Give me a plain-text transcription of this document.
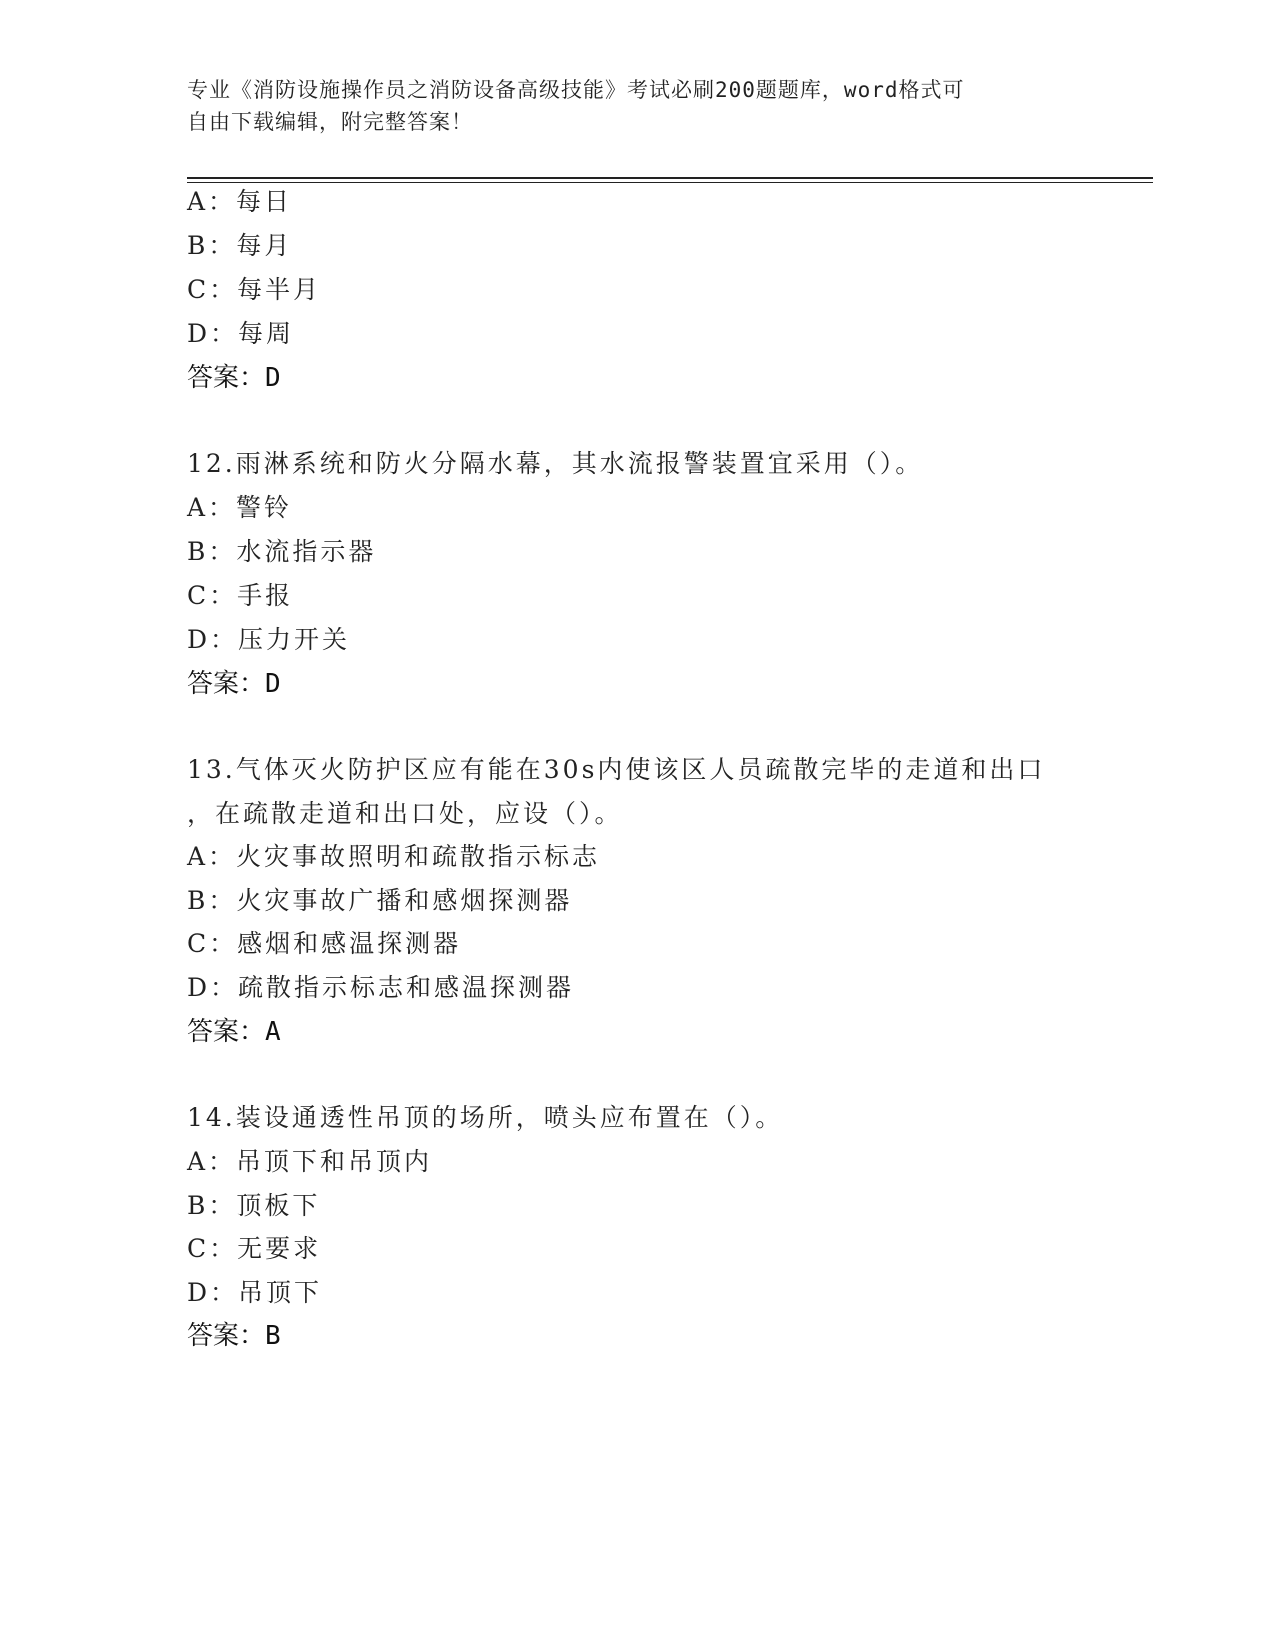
专业《消防设施操作员之消防设备高级技能》考试必刷200题题库，word格式可
自由下载编辑，附完整答案！
A：每日
B：每月
C：每半月
D：每周
答案：D
12.雨淋系统和防火分隔水幕，其水流报警装置宜采用（）。
A：警铃
B：水流指示器
C：手报
D：压力开关
答案：D
13.气体灭火防护区应有能在30s内使该区人员疏散完毕的走道和出口
，在疏散走道和出口处，应设（）。
A：火灾事故照明和疏散指示标志
B：火灾事故广播和感烟探测器
C：感烟和感温探测器
D：疏散指示标志和感温探测器
答案：A
14.装设通透性吊顶的场所，喷头应布置在（）。
A：吊顶下和吊顶内
B：顶板下
C：无要求
D：吊顶下
答案：B
